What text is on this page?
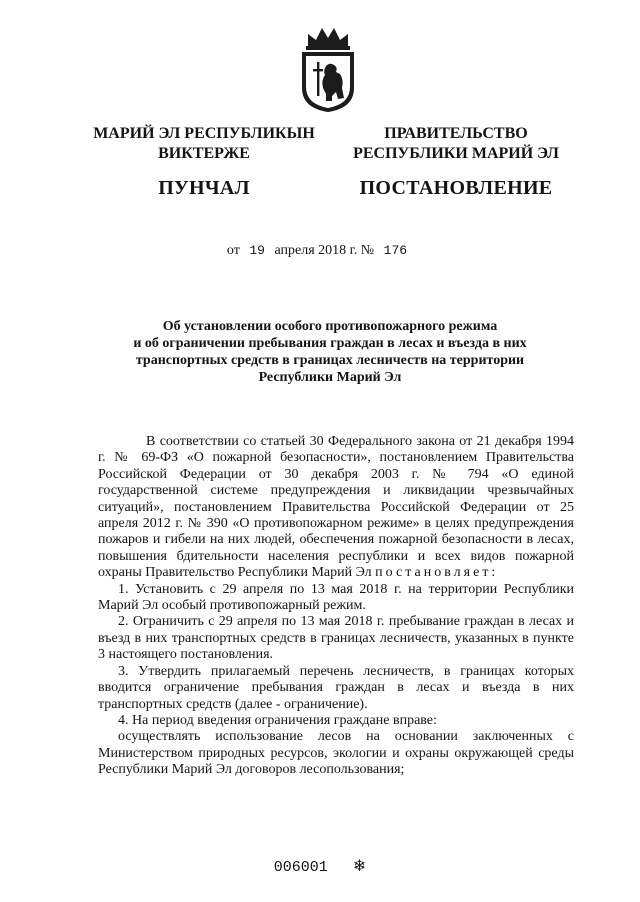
МАРИЙ ЭЛ РЕСПУБЛИКЫН
ВИКТЕРЖЕ
ПУНЧАЛ
ПРАВИТЕЛЬСТВО
РЕСПУБЛИКИ МАРИЙ ЭЛ
ПОСТАНОВЛЕНИЕ
от 19 апреля 2018 г. № 176
Об установлении особого противопожарного режима
и об ограничении пребывания граждан в лесах и въезда в них
транспортных средств в границах лесничеств на территории
Республики Марий Эл

В соответствии со статьей 30 Федерального закона от 21 декабря 1994 г. № 69-ФЗ «О пожарной безопасности», постановлением Правительства Российской Федерации от 30 декабря 2003 г. № 794 «О единой государственной системе предупреждения и ликвидации чрезвычайных ситуаций», постановлением Правительства Российской Федерации от 25 апреля 2012 г. № 390 «О противопожарном режиме» в целях предупреждения пожаров и гибели на них людей, обеспечения пожарной безопасности в лесах, повышения бдительности населения республики и всех видов пожарной охраны Правительство Республики Марий Эл постановляет:

1. Установить с 29 апреля по 13 мая 2018 г. на территории Республики Марий Эл особый противопожарный режим.

2. Ограничить с 29 апреля по 13 мая 2018 г. пребывание граждан в лесах и въезд в них транспортных средств в границах лесничеств, указанных в пункте 3 настоящего постановления.

3. Утвердить прилагаемый перечень лесничеств, в границах которых вводится ограничение пребывания граждан в лесах и въезда в них транспортных средств (далее - ограничение).

4. На период введения ограничения граждане вправе:

осуществлять использование лесов на основании заключенных с Министерством природных ресурсов, экологии и охраны окружающей среды Республики Марий Эл договоров лесопользования;

006001 ❄
